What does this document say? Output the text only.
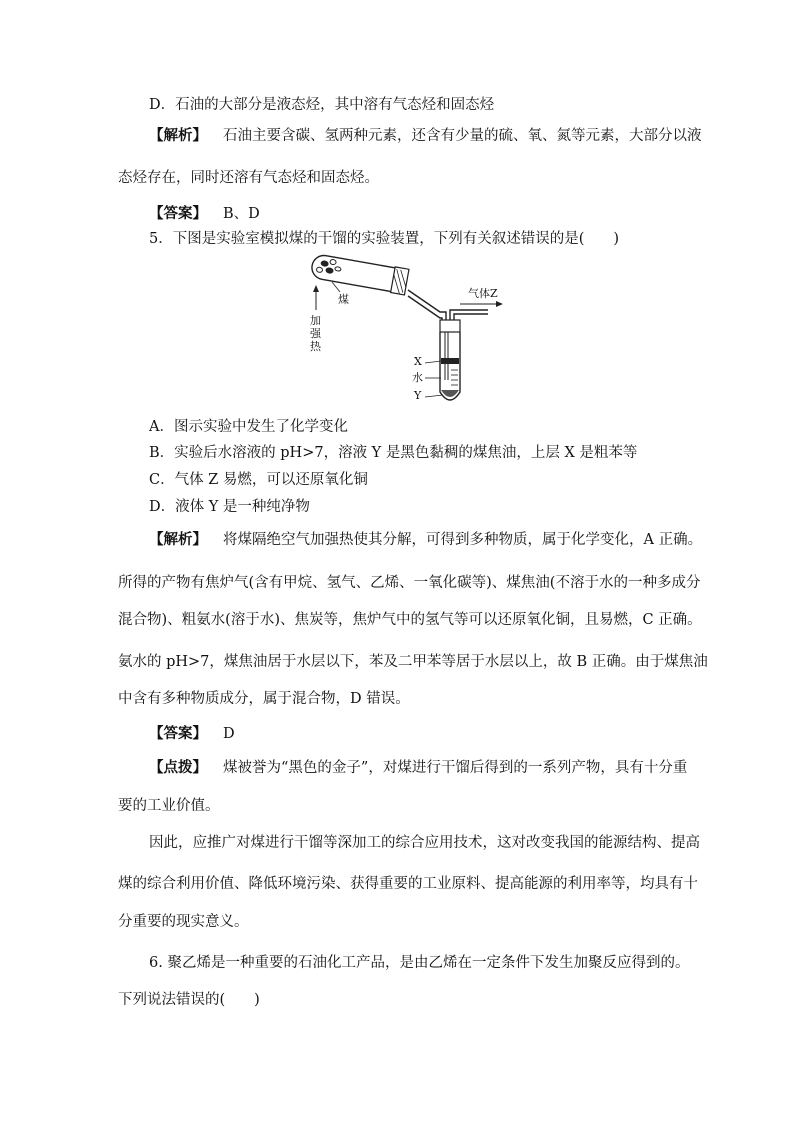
D．石油的大部分是液态烃，其中溶有气态烃和固态烃
【解析】 石油主要含碳、氢两种元素，还含有少量的硫、氧、氮等元素，大部分以液
态烃存在，同时还溶有气态烃和固态烃。
【答案】 B、D
5．下图是实验室模拟煤的干馏的实验装置，下列有关叙述错误的是(　　)
煤	气体Z
加强热
X
水
Y
A．图示实验中发生了化学变化
B．实验后水溶液的 pH>7，溶液 Y 是黑色黏稠的煤焦油，上层 X 是粗苯等
C．气体 Z 易燃，可以还原氧化铜
D．液体 Y 是一种纯净物
【解析】 将煤隔绝空气加强热使其分解，可得到多种物质，属于化学变化，A 正确。
所得的产物有焦炉气(含有甲烷、氢气、乙烯、一氧化碳等)、煤焦油(不溶于水的一种多成分
混合物)、粗氨水(溶于水)、焦炭等，焦炉气中的氢气等可以还原氧化铜，且易燃，C 正确。
氨水的 pH>7，煤焦油居于水层以下，苯及二甲苯等居于水层以上，故 B 正确。由于煤焦油
中含有多种物质成分，属于混合物，D 错误。
【答案】 D
【点拨】 煤被誉为“黑色的金子”，对煤进行干馏后得到的一系列产物，具有十分重
要的工业价值。
因此，应推广对煤进行干馏等深加工的综合应用技术，这对改变我国的能源结构、提高
煤的综合利用价值、降低环境污染、获得重要的工业原料、提高能源的利用率等，均具有十
分重要的现实意义。
6. 聚乙烯是一种重要的石油化工产品，是由乙烯在一定条件下发生加聚反应得到的。
下列说法错误的(　　)
